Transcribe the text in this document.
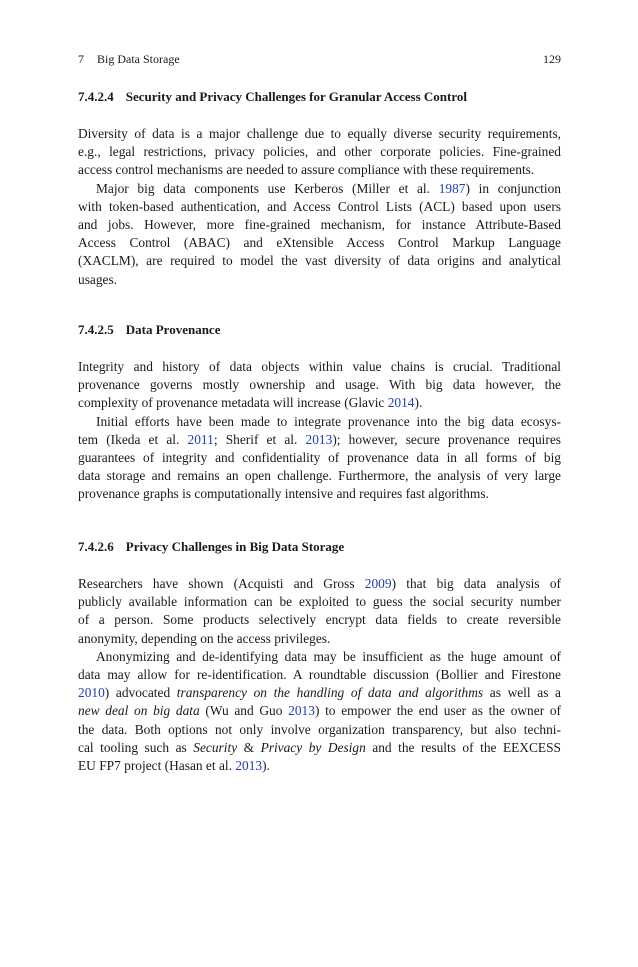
7 Big Data Storage	129
7.4.2.4 Security and Privacy Challenges for Granular Access Control

Diversity of data is a major challenge due to equally diverse security requirements,
e.g., legal restrictions, privacy policies, and other corporate policies. Fine-grained
access control mechanisms are needed to assure compliance with these requirements.

Major big data components use Kerberos (Miller et al. 1987) in conjunction
with token-based authentication, and Access Control Lists (ACL) based upon users
and jobs. However, more fine-grained mechanism, for instance Attribute-Based
Access Control (ABAC) and eXtensible Access Control Markup Language
(XACLM), are required to model the vast diversity of data origins and analytical
usages.

7.4.2.5 Data Provenance

Integrity and history of data objects within value chains is crucial. Traditional
provenance governs mostly ownership and usage. With big data however, the
complexity of provenance metadata will increase (Glavic 2014).

Initial efforts have been made to integrate provenance into the big data ecosys-
tem (Ikeda et al. 2011; Sherif et al. 2013); however, secure provenance requires
guarantees of integrity and confidentiality of provenance data in all forms of big
data storage and remains an open challenge. Furthermore, the analysis of very large
provenance graphs is computationally intensive and requires fast algorithms.

7.4.2.6 Privacy Challenges in Big Data Storage

Researchers have shown (Acquisti and Gross 2009) that big data analysis of
publicly available information can be exploited to guess the social security number
of a person. Some products selectively encrypt data fields to create reversible
anonymity, depending on the access privileges.

Anonymizing and de-identifying data may be insufficient as the huge amount of
data may allow for re-identification. A roundtable discussion (Bollier and Firestone
2010) advocated transparency on the handling of data and algorithms as well as a
new deal on big data (Wu and Guo 2013) to empower the end user as the owner of
the data. Both options not only involve organization transparency, but also techni-
cal tooling such as Security & Privacy by Design and the results of the EEXCESS
EU FP7 project (Hasan et al. 2013).
